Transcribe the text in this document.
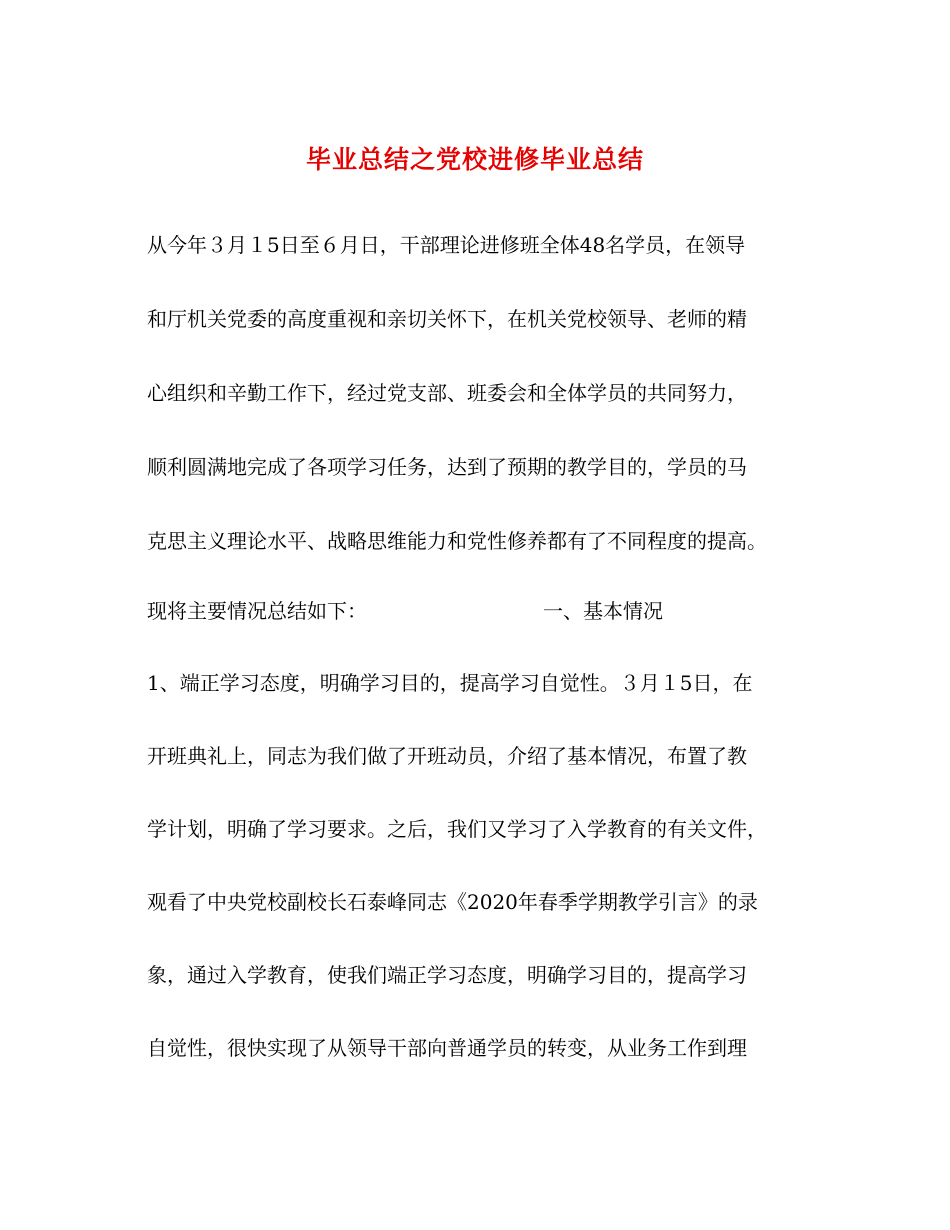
毕业总结之党校进修毕业总结
从今年３月１5日至６月日，干部理论进修班全体48名学员，在领导
和厅机关党委的高度重视和亲切关怀下，在机关党校领导、老师的精
心组织和辛勤工作下，经过党支部、班委会和全体学员的共同努力，
顺利圆满地完成了各项学习任务，达到了预期的教学目的，学员的马
克思主义理论水平、战略思维能力和党性修养都有了不同程度的提高。
现将主要情况总结如下：	一、基本情况
1、端正学习态度，明确学习目的，提高学习自觉性。３月１5日，在
开班典礼上，同志为我们做了开班动员，介绍了基本情况，布置了教
学计划，明确了学习要求。之后，我们又学习了入学教育的有关文件，
观看了中央党校副校长石泰峰同志《2020年春季学期教学引言》的录
象，通过入学教育，使我们端正学习态度，明确学习目的，提高学习
自觉性，很快实现了从领导干部向普通学员的转变，从业务工作到理
